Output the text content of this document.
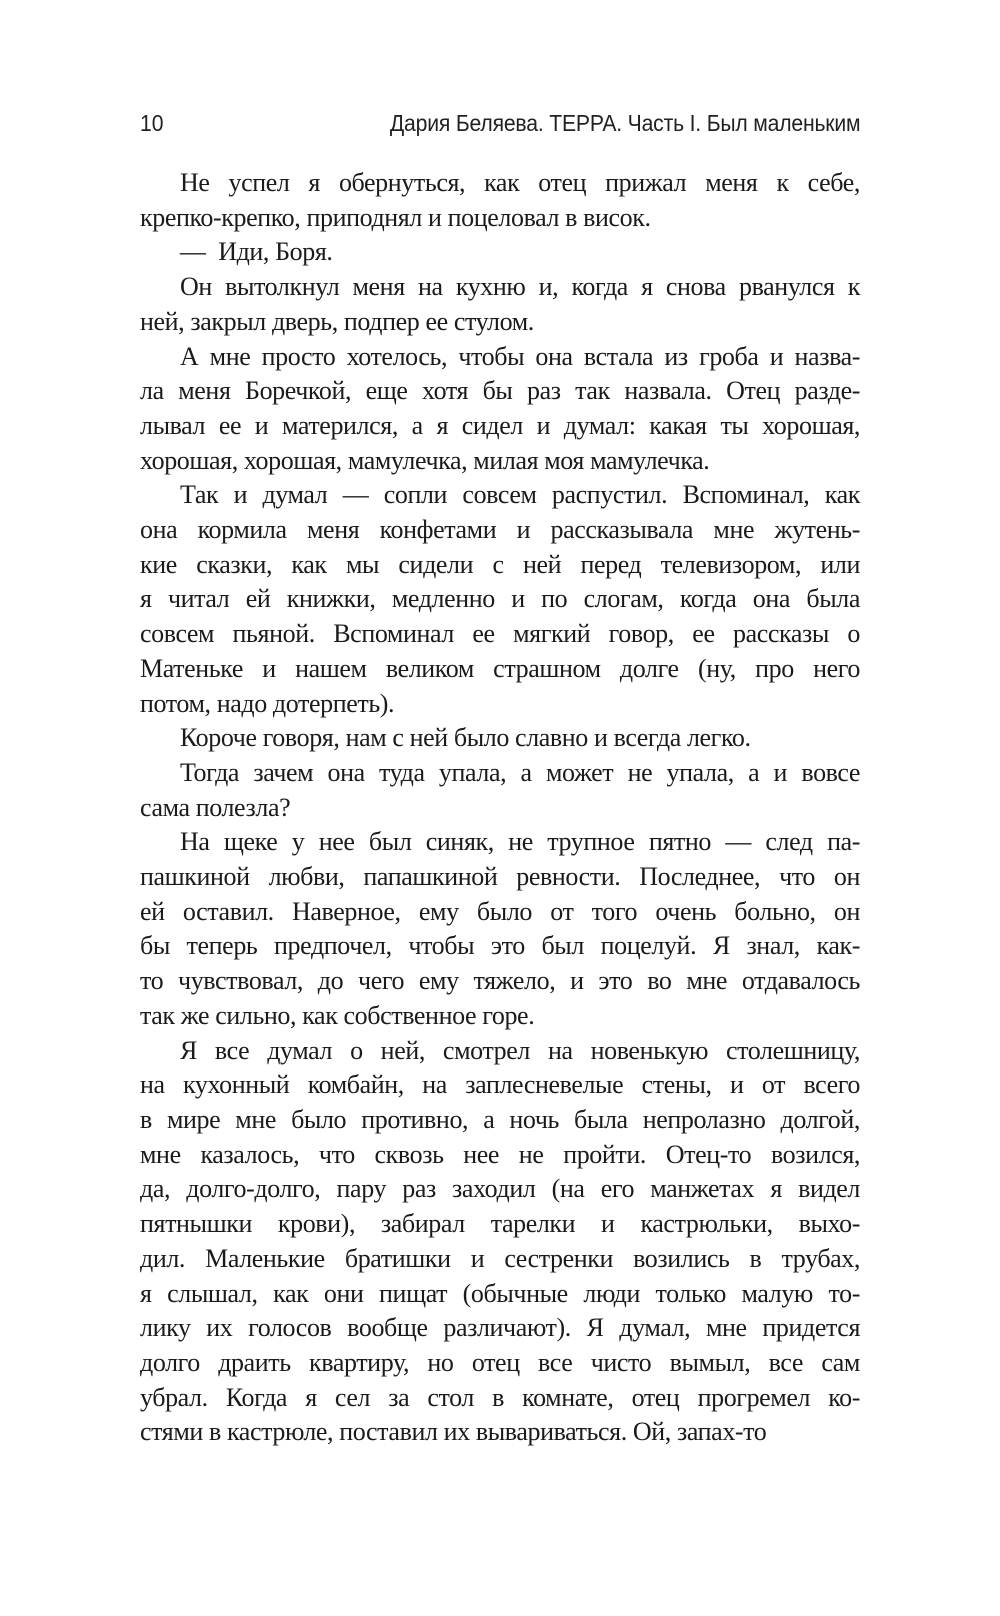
10	Дария Беляева. ТЕРРА. Часть I. Был маленьким
Не успел я обернуться, как отец прижал меня к себе,
крепко-крепко, приподнял и поцеловал в висок.
— Иди, Боря.
Он вытолкнул меня на кухню и, когда я снова рванулся к
ней, закрыл дверь, подпер ее стулом.
А мне просто хотелось, чтобы она встала из гроба и назва-
ла меня Боречкой, еще хотя бы раз так назвала. Отец разде-
лывал ее и матерился, а я сидел и думал: какая ты хорошая,
хорошая, хорошая, мамулечка, милая моя мамулечка.
Так и думал — сопли совсем распустил. Вспоминал, как
она кормила меня конфетами и рассказывала мне жутень-
кие сказки, как мы сидели с ней перед телевизором, или
я читал ей книжки, медленно и по слогам, когда она была
совсем пьяной. Вспоминал ее мягкий говор, ее рассказы о
Матеньке и нашем великом страшном долге (ну, про него
потом, надо дотерпеть).
Короче говоря, нам с ней было славно и всегда легко.
Тогда зачем она туда упала, а может не упала, а и вовсе
сама полезла?
На щеке у нее был синяк, не трупное пятно — след па-
пашкиной любви, папашкиной ревности. Последнее, что он
ей оставил. Наверное, ему было от того очень больно, он
бы теперь предпочел, чтобы это был поцелуй. Я знал, как-
то чувствовал, до чего ему тяжело, и это во мне отдавалось
так же сильно, как собственное горе.
Я все думал о ней, смотрел на новенькую столешницу,
на кухонный комбайн, на заплесневелые стены, и от всего
в мире мне было противно, а ночь была непролазно долгой,
мне казалось, что сквозь нее не пройти. Отец-то возился,
да, долго-долго, пару раз заходил (на его манжетах я видел
пятнышки крови), забирал тарелки и кастрюльки, выхо-
дил. Маленькие братишки и сестренки возились в трубах,
я слышал, как они пищат (обычные люди только малую то-
лику их голосов вообще различают). Я думал, мне придется
долго драить квартиру, но отец все чисто вымыл, все сам
убрал. Когда я сел за стол в комнате, отец прогремел ко-
стями в кастрюле, поставил их вывариваться. Ой, запах-то
